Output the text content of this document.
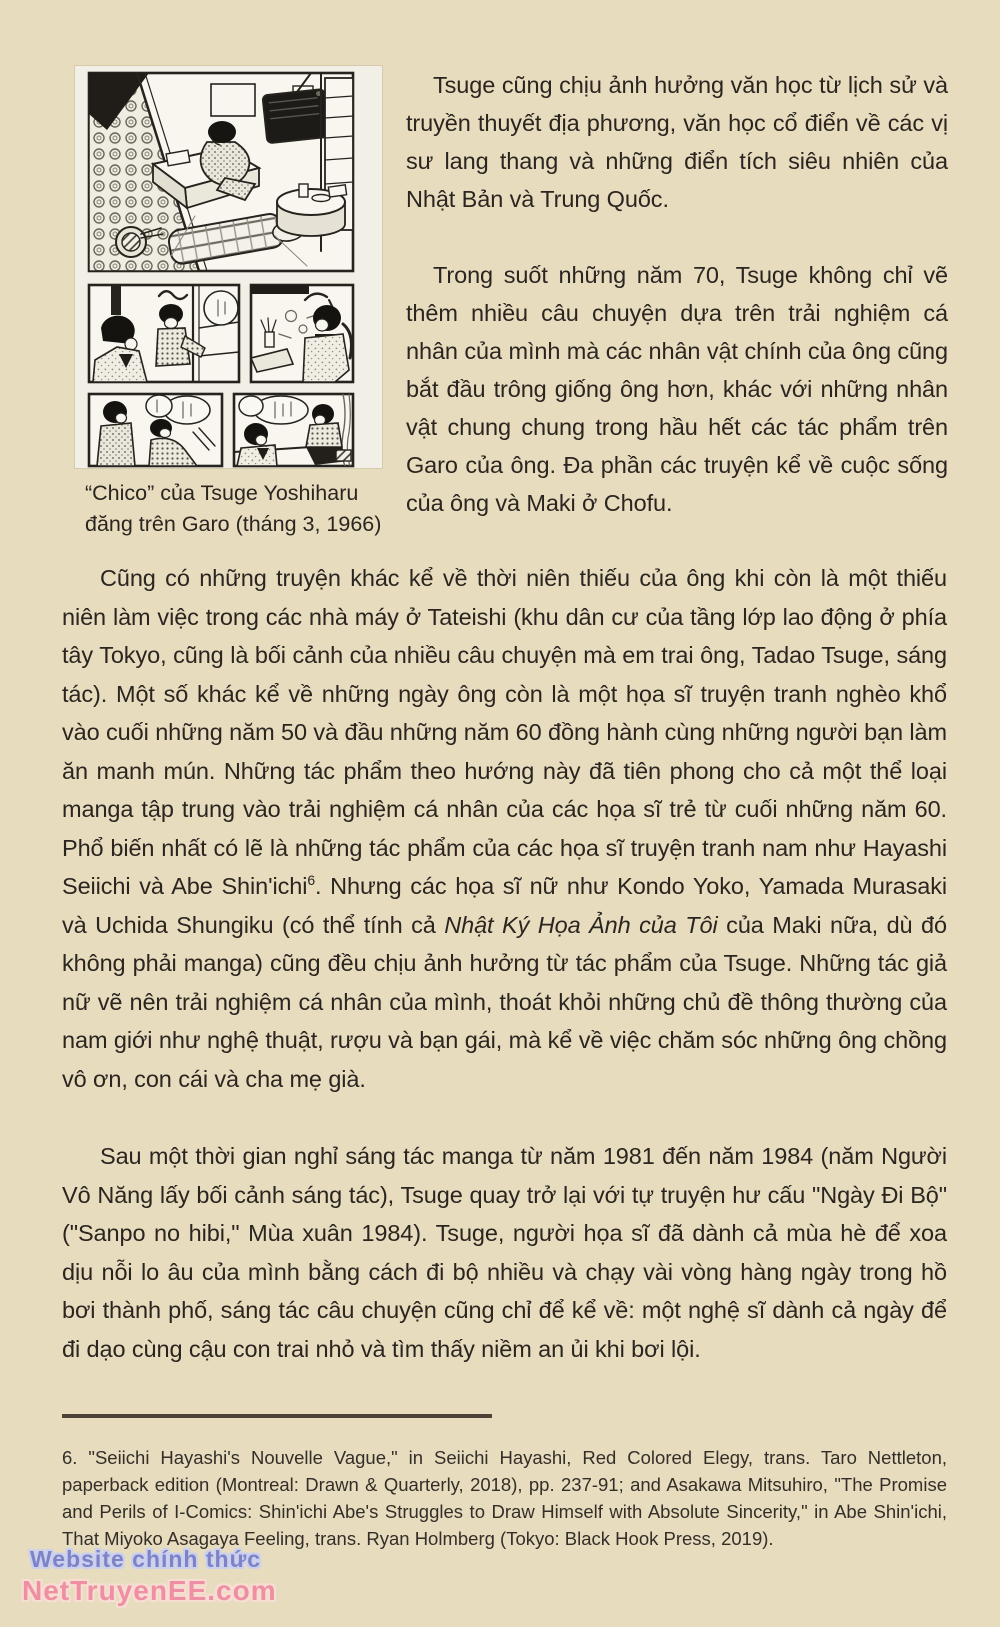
“Chico” của Tsuge Yoshiharu đăng trên Garo (tháng 3, 1966)

Tsuge cũng chịu ảnh hưởng văn học từ lịch sử và truyền thuyết địa phương, văn học cổ điển về các vị sư lang thang và những điển tích siêu nhiên của Nhật Bản và Trung Quốc.

Trong suốt những năm 70, Tsuge không chỉ vẽ thêm nhiều câu chuyện dựa trên trải nghiệm cá nhân của mình mà các nhân vật chính của ông cũng bắt đầu trông giống ông hơn, khác với những nhân vật chung chung trong hầu hết các tác phẩm trên Garo của ông. Đa phần các truyện kể về cuộc sống của ông và Maki ở Chofu.

Cũng có những truyện khác kể về thời niên thiếu của ông khi còn là một thiếu niên làm việc trong các nhà máy ở Tateishi (khu dân cư của tầng lớp lao động ở phía tây Tokyo, cũng là bối cảnh của nhiều câu chuyện mà em trai ông, Tadao Tsuge, sáng tác). Một số khác kể về những ngày ông còn là một họa sĩ truyện tranh nghèo khổ vào cuối những năm 50 và đầu những năm 60 đồng hành cùng những người bạn làm ăn manh mún. Những tác phẩm theo hướng này đã tiên phong cho cả một thể loại manga tập trung vào trải nghiệm cá nhân của các họa sĩ trẻ từ cuối những năm 60. Phổ biến nhất có lẽ là những tác phẩm của các họa sĩ truyện tranh nam như Hayashi Seiichi và Abe Shin'ichi$^6$. Nhưng các họa sĩ nữ như Kondo Yoko, Yamada Murasaki và Uchida Shungiku (có thể tính cả Nhật Ký Họa Ảnh của Tôi của Maki nữa, dù đó không phải manga) cũng đều chịu ảnh hưởng từ tác phẩm của Tsuge. Những tác giả nữ vẽ nên trải nghiệm cá nhân của mình, thoát khỏi những chủ đề thông thường của nam giới như nghệ thuật, rượu và bạn gái, mà kể về việc chăm sóc những ông chồng vô ơn, con cái và cha mẹ già.

Sau một thời gian nghỉ sáng tác manga từ năm 1981 đến năm 1984 (năm Người Vô Năng lấy bối cảnh sáng tác), Tsuge quay trở lại với tự truyện hư cấu "Ngày Đi Bộ" ("Sanpo no hibi," Mùa xuân 1984). Tsuge, người họa sĩ đã dành cả mùa hè để xoa dịu nỗi lo âu của mình bằng cách đi bộ nhiều và chạy vài vòng hàng ngày trong hồ bơi thành phố, sáng tác câu chuyện cũng chỉ để kể về: một nghệ sĩ dành cả ngày để đi dạo cùng cậu con trai nhỏ và tìm thấy niềm an ủi khi bơi lội.

6. "Seiichi Hayashi's Nouvelle Vague," in Seiichi Hayashi, Red Colored Elegy, trans. Taro Nettleton, paperback edition (Montreal: Drawn & Quarterly, 2018), pp. 237-91; and Asakawa Mitsuhiro, "The Promise and Perils of I-Comics: Shin'ichi Abe's Struggles to Draw Himself with Absolute Sincerity," in Abe Shin'ichi, That Miyoko Asagaya Feeling, trans. Ryan Holmberg (Tokyo: Black Hook Press, 2019).

Website chính thức
NetTruyenEE.com
